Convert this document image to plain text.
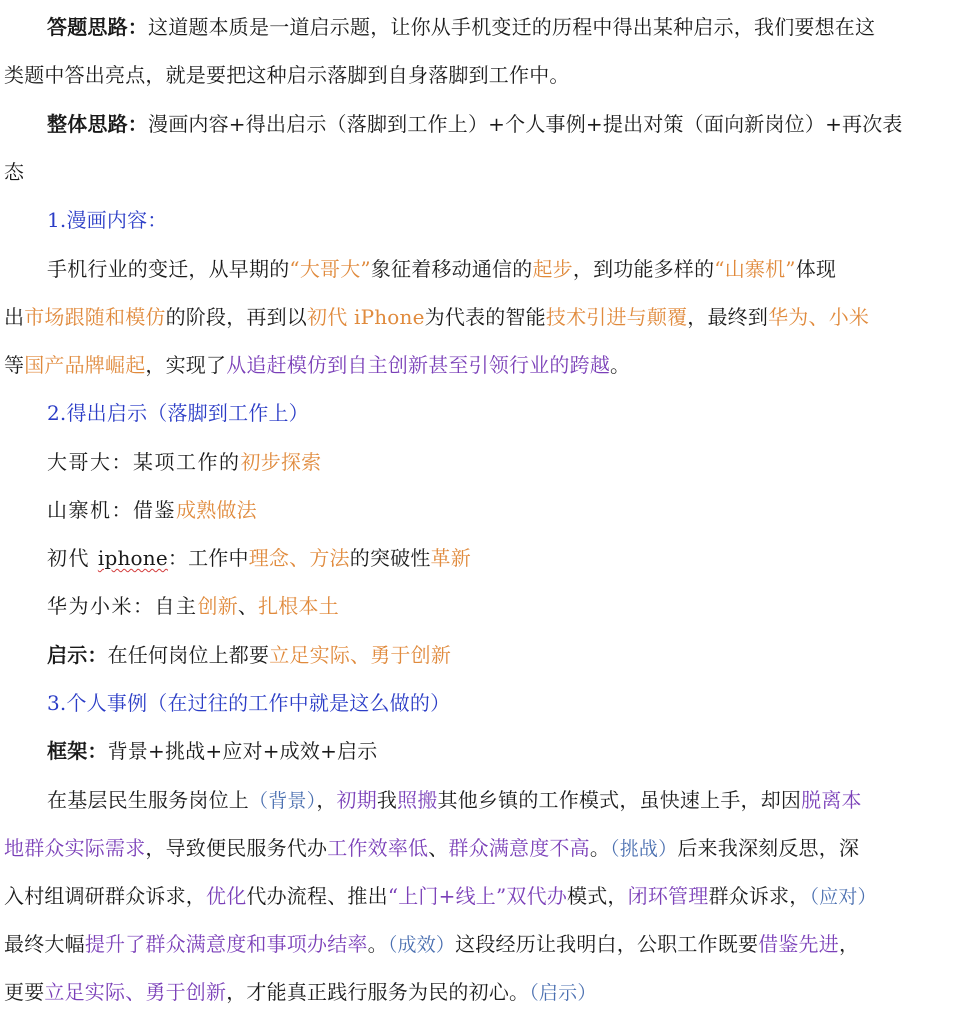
答题思路：这道题本质是一道启示题，让你从手机变迁的历程中得出某种启示，我们要想在这
类题中答出亮点，就是要把这种启示落脚到自身落脚到工作中。
整体思路：漫画内容+得出启示（落脚到工作上）+个人事例+提出对策（面向新岗位）+再次表
态
1.漫画内容：
手机行业的变迁，从早期的“大哥大”象征着移动通信的起步，到功能多样的“山寨机”体现
出市场跟随和模仿的阶段，再到以初代 iPhone为代表的智能技术引进与颠覆，最终到华为、小米
等国产品牌崛起，实现了从追赶模仿到自主创新甚至引领行业的跨越。
2.得出启示（落脚到工作上）
大哥大：某项工作的初步探索
山寨机：借鉴成熟做法
初代 iphone：工作中理念、方法的突破性革新
华为小米：自主创新、扎根本土
启示：在任何岗位上都要立足实际、勇于创新
3.个人事例（在过往的工作中就是这么做的）
框架：背景+挑战+应对+成效+启示
在基层民生服务岗位上（背景），初期我照搬其他乡镇的工作模式，虽快速上手，却因脱离本
地群众实际需求，导致便民服务代办工作效率低、群众满意度不高。（挑战）后来我深刻反思，深
入村组调研群众诉求，优化代办流程、推出“上门+线上”双代办模式，闭环管理群众诉求，（应对）
最终大幅提升了群众满意度和事项办结率。（成效）这段经历让我明白，公职工作既要借鉴先进，
更要立足实际、勇于创新，才能真正践行服务为民的初心。（启示）
